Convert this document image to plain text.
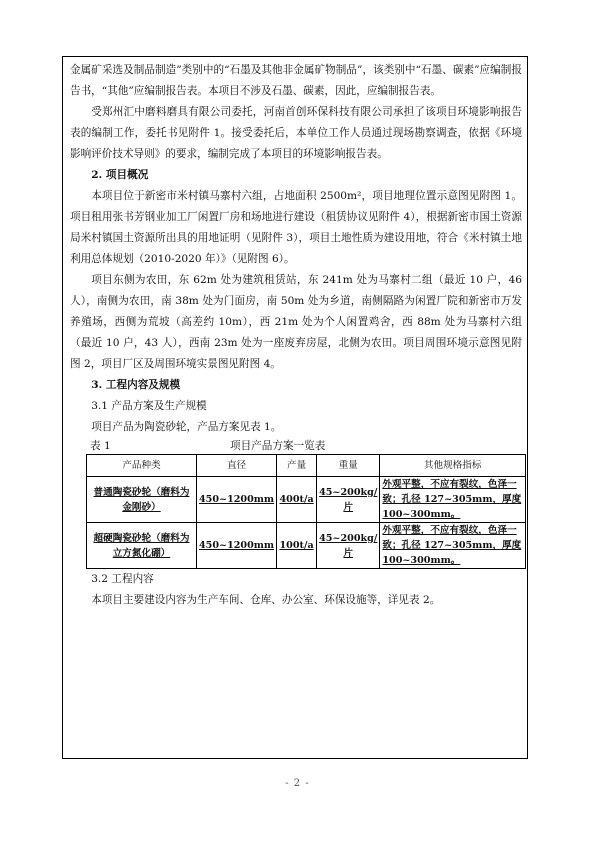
金属矿采选及制品制造”类别中的“石墨及其他非金属矿物制品”，该类别中“石墨、碳素”应编制报告书，“其他”应编制报告表。本项目不涉及石墨、碳素，因此，应编制报告表。

受郑州汇中磨料磨具有限公司委托，河南首创环保科技有限公司承担了该项目环境影响报告表的编制工作，委托书见附件 1。接受委托后，本单位工作人员通过现场勘察调查，依据《环境影响评价技术导则》的要求，编制完成了本项目的环境影响报告表。

2. 项目概况

本项目位于新密市米村镇马寨村六组，占地面积 2500m²，项目地理位置示意图见附图 1。项目租用张书芳钢业加工厂闲置厂房和场地进行建设（租赁协议见附件 4），根据新密市国土资源局米村镇国土资源所出具的用地证明（见附件 3），项目土地性质为建设用地，符合《米村镇土地利用总体规划（2010-2020 年）》（见附图 6）。

项目东侧为农田，东 62m 处为建筑租赁站，东 241m 处为马寨村二组（最近 10 户，46 人），南侧为农田，南 38m 处为门面房，南 50m 处为乡道，南侧隔路为闲置厂院和新密市万发养殖场，西侧为荒坡（高差约 10m），西 21m 处为个人闲置鸡舍，西 88m 处为马寨村六组（最近 10 户，43 人），西南 23m 处为一座废弃房屋，北侧为农田。项目周围环境示意图见附图 2，项目厂区及周围环境实景图见附图 4。

3. 工程内容及规模

3.1 产品方案及生产规模

项目产品为陶瓷砂轮，产品方案见表 1。

表 1	项目产品方案一览表
产品种类	直径	产量	重量	其他规格指标
普通陶瓷砂轮（磨料为金刚砂）	450~1200mm	400t/a	45~200kg/片	外观平整，不应有裂纹，色泽一致；孔径 127~305mm，厚度 100~300mm。
超硬陶瓷砂轮（磨料为立方氮化硼）	450~1200mm	100t/a	45~200kg/片	外观平整，不应有裂纹，色泽一致；孔径 127~305mm，厚度 100~300mm。

3.2 工程内容

本项目主要建设内容为生产车间、仓库、办公室、环保设施等，详见表 2。

- 2 -
